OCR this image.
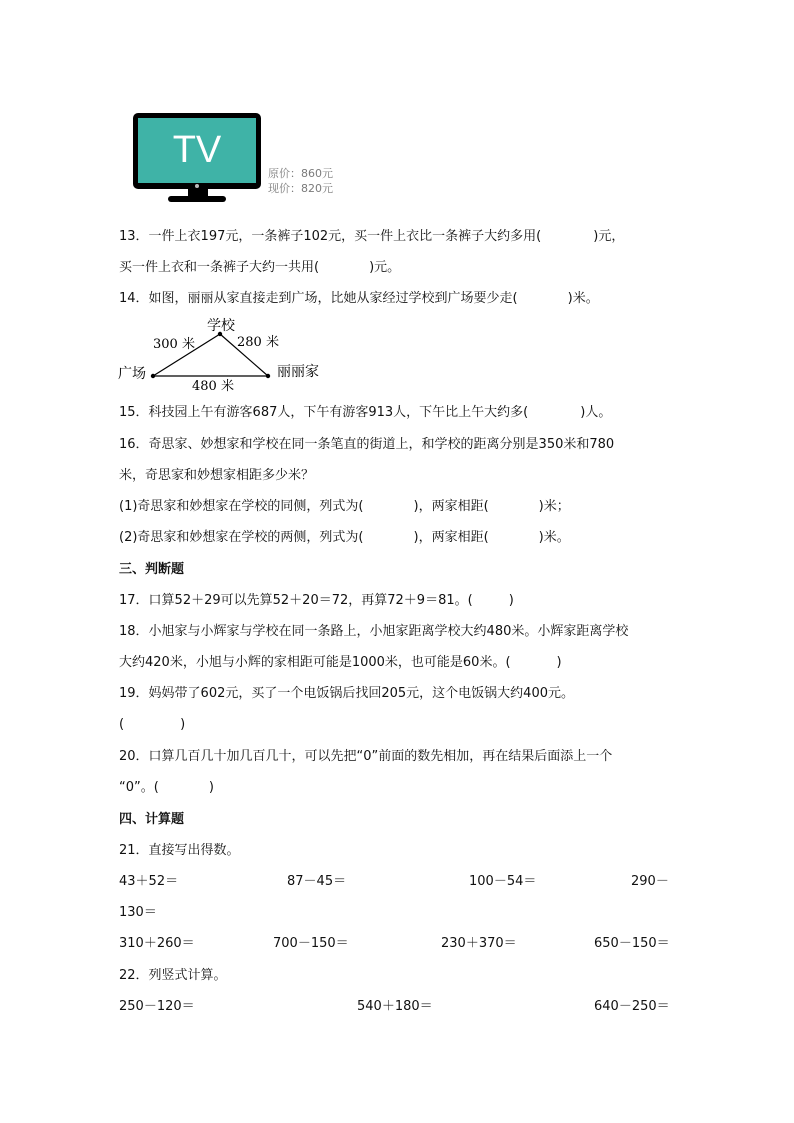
TV
原价：860元
现价：820元
13．一件上衣197元，一条裤子102元，买一件上衣比一条裤子大约多用(	)元，
买一件上衣和一条裤子大约一共用(	)元。
14．如图，丽丽从家直接走到广场，比她从家经过学校到广场要少走(	)米。
学校
广场	丽丽家
300 米	280 米
480 米
15．科技园上午有游客687人，下午有游客913人，下午比上午大约多(	)人。
16．奇思家、妙想家和学校在同一条笔直的街道上，和学校的距离分别是350米和780
米，奇思家和妙想家相距多少米？
(1)奇思家和妙想家在学校的同侧，列式为(	)，两家相距(	)米；
(2)奇思家和妙想家在学校的两侧，列式为(	)，两家相距(	)米。
三、判断题
17．口算52＋29可以先算52＋20＝72，再算72＋9＝81。(	)
18．小旭家与小辉家与学校在同一条路上，小旭家距离学校大约480米。小辉家距离学校
大约420米，小旭与小辉的家相距可能是1000米，也可能是60米。(	)
19．妈妈带了602元，买了一个电饭锅后找回205元，这个电饭锅大约400元。
(	)
20．口算几百几十加几百几十，可以先把“0”前面的数先相加，再在结果后面添上一个
“0”。(	)
四、计算题
21．直接写出得数。
43＋52＝	87－45＝	100－54＝	290－
130＝
310＋260＝	700－150＝	230＋370＝	650－150＝
22．列竖式计算。
250－120＝	540＋180＝	640－250＝
